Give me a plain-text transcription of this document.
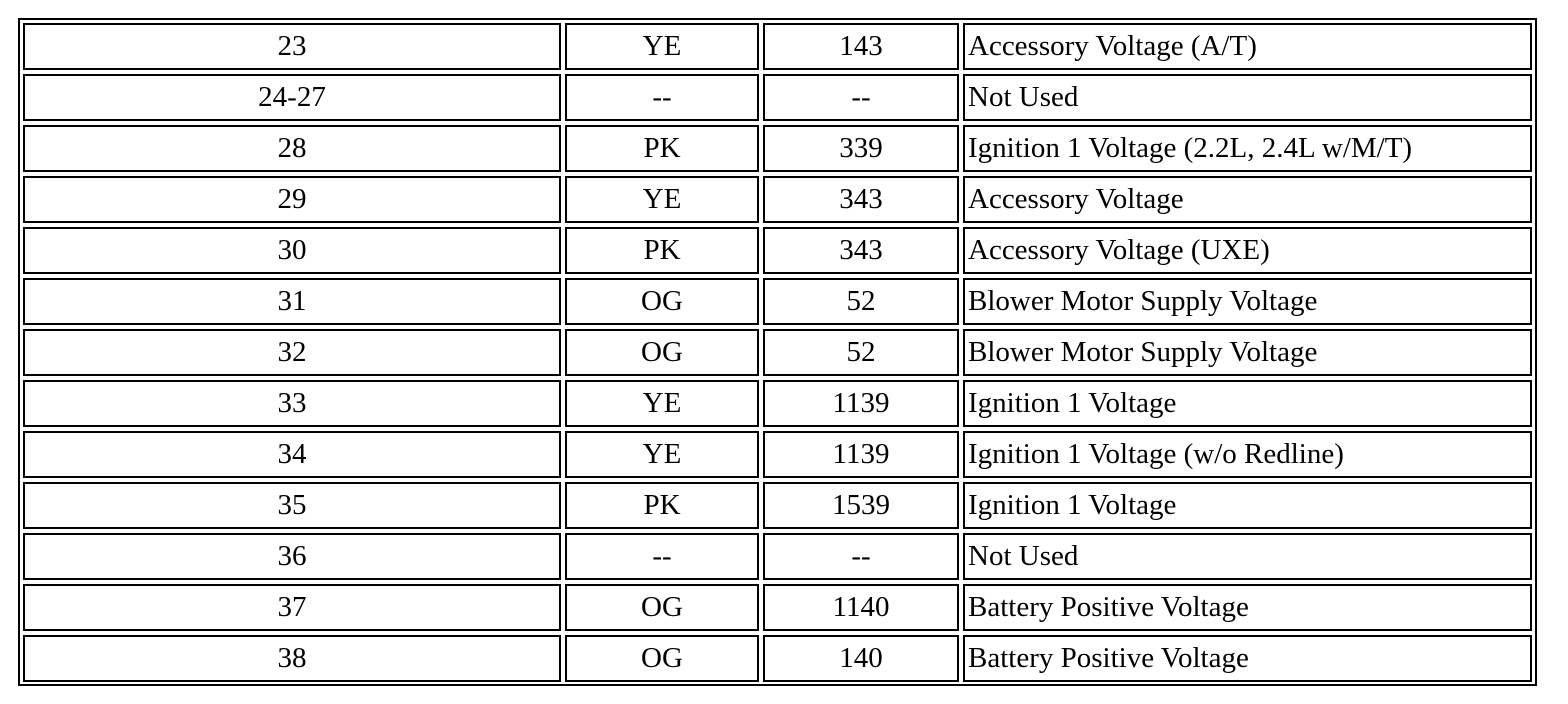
23	YE	143	Accessory Voltage (A/T)
24-27	--	--	Not Used
28	PK	339	Ignition 1 Voltage (2.2L, 2.4L w/M/T)
29	YE	343	Accessory Voltage
30	PK	343	Accessory Voltage (UXE)
31	OG	52	Blower Motor Supply Voltage
32	OG	52	Blower Motor Supply Voltage
33	YE	1139	Ignition 1 Voltage
34	YE	1139	Ignition 1 Voltage (w/o Redline)
35	PK	1539	Ignition 1 Voltage
36	--	--	Not Used
37	OG	1140	Battery Positive Voltage
38	OG	140	Battery Positive Voltage
